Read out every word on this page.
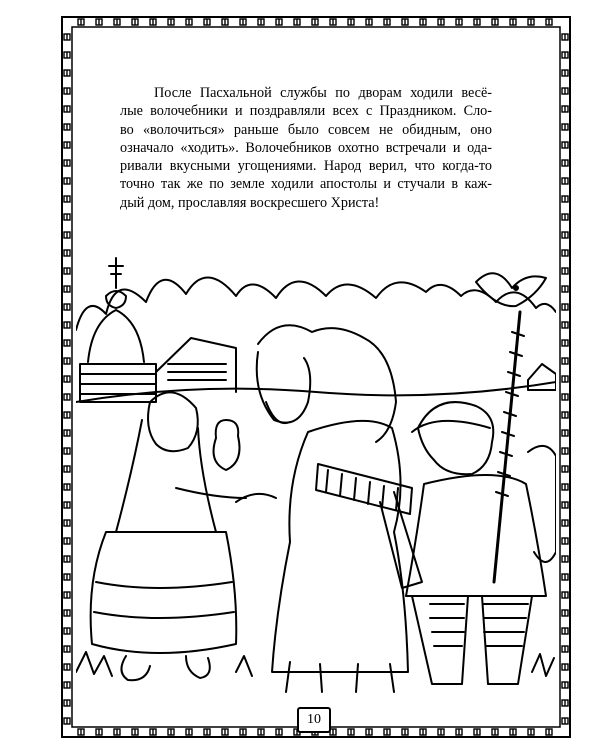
После Пасхальной службы по дворам ходили весё-
лые волочебники и поздравляли всех с Праздником. Сло-
во «волочиться» раньше было совсем не обидным, оно
означало «ходить». Волочебников охотно встречали и ода-
ривали вкусными угощениями. Народ верил, что когда-то
точно так же по земле ходили апостолы и стучали в каж-
дый дом, прославляя воскресшего Христа!
10
